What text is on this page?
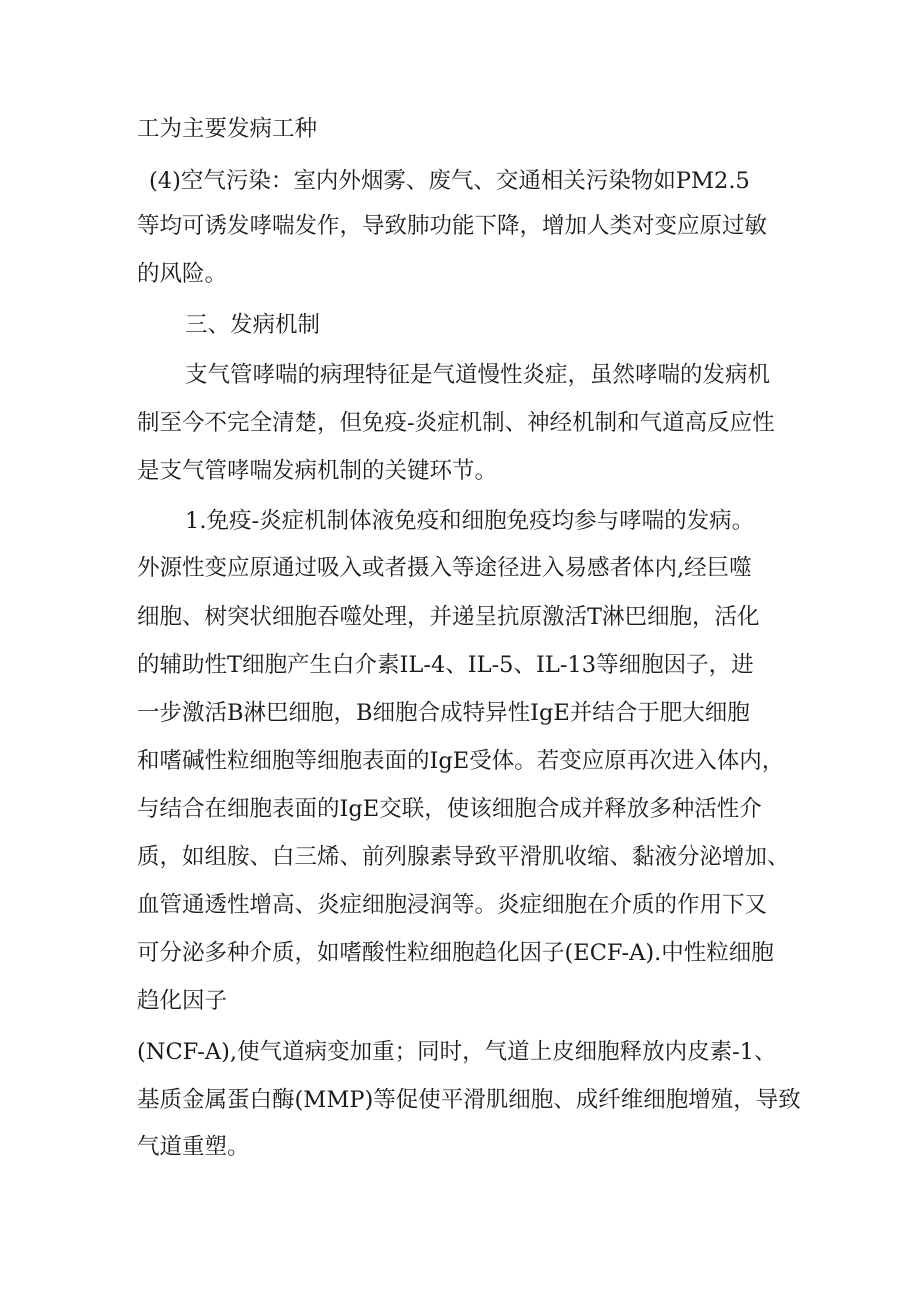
工为主要发病工种
(4)空气污染：室内外烟雾、废气、交通相关污染物如PM2.5
等均可诱发哮喘发作，导致肺功能下降，增加人类对变应原过敏
的风险。
三、发病机制
支气管哮喘的病理特征是气道慢性炎症，虽然哮喘的发病机
制至今不完全清楚，但免疫-炎症机制、神经机制和气道高反应性
是支气管哮喘发病机制的关键环节。
1.免疫-炎症机制体液免疫和细胞免疫均参与哮喘的发病。
外源性变应原通过吸入或者摄入等途径进入易感者体内,经巨噬
细胞、树突状细胞吞噬处理，并递呈抗原激活T淋巴细胞，活化
的辅助性T细胞产生白介素IL-4、IL-5、IL-13等细胞因子，进
一步激活B淋巴细胞，B细胞合成特异性IgE并结合于肥大细胞
和嗜碱性粒细胞等细胞表面的IgE受体。若变应原再次进入体内，
与结合在细胞表面的IgE交联，使该细胞合成并释放多种活性介
质，如组胺、白三烯、前列腺素导致平滑肌收缩、黏液分泌增加、
血管通透性增高、炎症细胞浸润等。炎症细胞在介质的作用下又
可分泌多种介质，如嗜酸性粒细胞趋化因子(ECF-A).中性粒细胞
趋化因子
(NCF-A),使气道病变加重；同时，气道上皮细胞释放内皮素-1、
基质金属蛋白酶(MMP)等促使平滑肌细胞、成纤维细胞增殖，导致
气道重塑。
